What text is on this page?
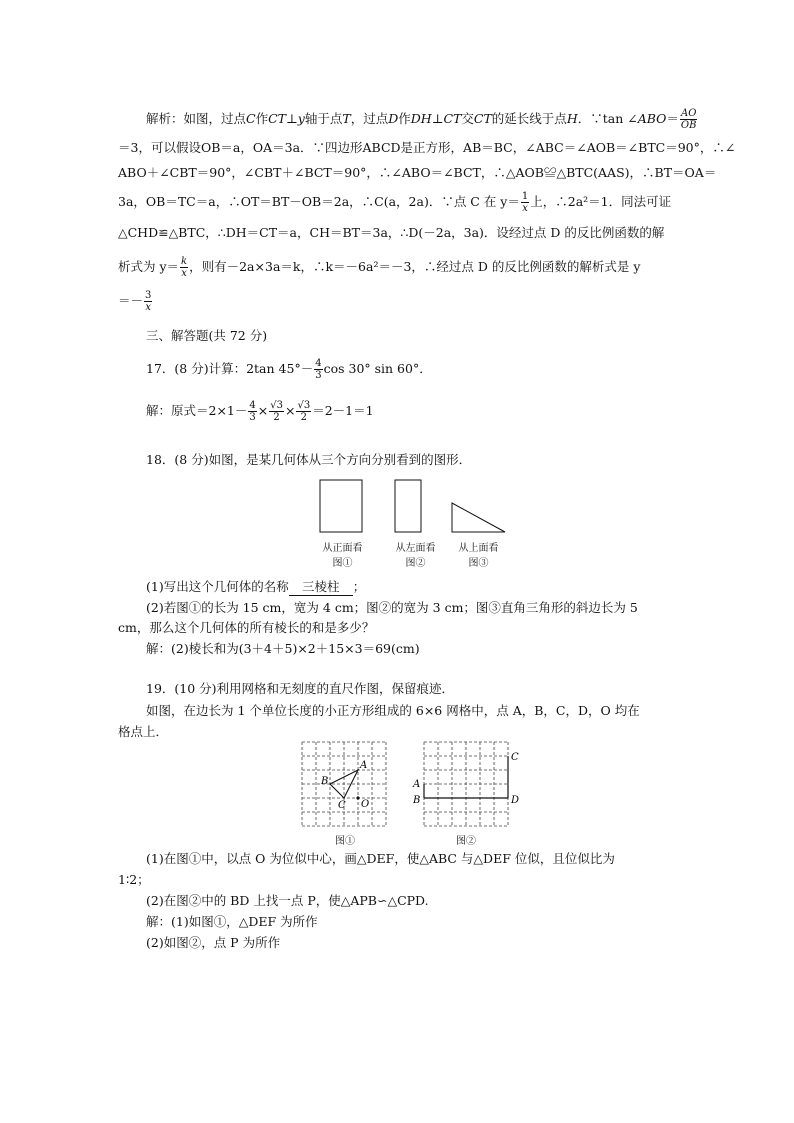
解析：如图，过点C作CT⊥y轴于点T，过点D作DH⊥CT交CT的延长线于点H．∵tan ∠ABO＝ $\frac{AO}{OB}$
＝3，可以假设OB＝a，OA＝3a．∵四边形ABCD是正方形，AB＝BC，∠ABC＝∠AOB＝∠BTC＝90°，∴∠
ABO＋∠CBT＝90°，∠CBT＋∠BCT＝90°，∴∠ABO＝∠BCT，∴△AOB≌△BTC(AAS)，∴BT＝OA＝
3a，OB＝TC＝a，∴OT＝BT－OB＝2a，∴C(a，2a)．∵点 C 在 $y= \frac{1}{x}$ 上，∴2a²＝1．同法可证
△CHD≌△BTC，∴DH＝CT＝a，CH＝BT＝3a，∴D(－2a，3a)．设经过点 D 的反比例函数的解
析式为 $y= \frac{k}{x}$ ，则有－2a×3a＝k，∴k＝－6a²＝－3，∴经过点 D 的反比例函数的解析式是 y
＝－ $\frac{3}{x}$
三、解答题(共 72 分)
17．(8 分)计算：2tan $45^\circ- \frac{4}{3}$ cos 30° sin 60°．
解：原式$=2\times 1- \frac{4}{3} \times \frac{√3}{2} \times \frac{√3}{2} =2-1=1$
18．(8 分)如图，是某几何体从三个方向分别看到的图形．
从正面看
图①
从左面看
图②
从上面看
图③
(1)写出这个几何体的名称 三棱柱 ；
(2)若图①的长为 15 cm，宽为 4 cm；图②的宽为 3 cm；图③直角三角形的斜边长为 5
cm，那么这个几何体的所有棱长的和是多少？
解：(2)棱长和为(3＋4＋5)×2＋15×3＝69(cm)
19．(10 分)利用网格和无刻度的直尺作图，保留痕迹．
如图，在边长为 1 个单位长度的小正方形组成的 6×6 网格中，点 A，B，C，D，O 均在
格点上．
A
B
C O
图①
A
B
C
D
图②
(1)在图①中，以点 O 为位似中心，画△DEF，使△ABC 与△DEF 位似，且位似比为
1∶2；
(2)在图②中的 BD 上找一点 P，使△APB∽△CPD.
解：(1)如图①，△DEF 为所作
(2)如图②，点 P 为所作
